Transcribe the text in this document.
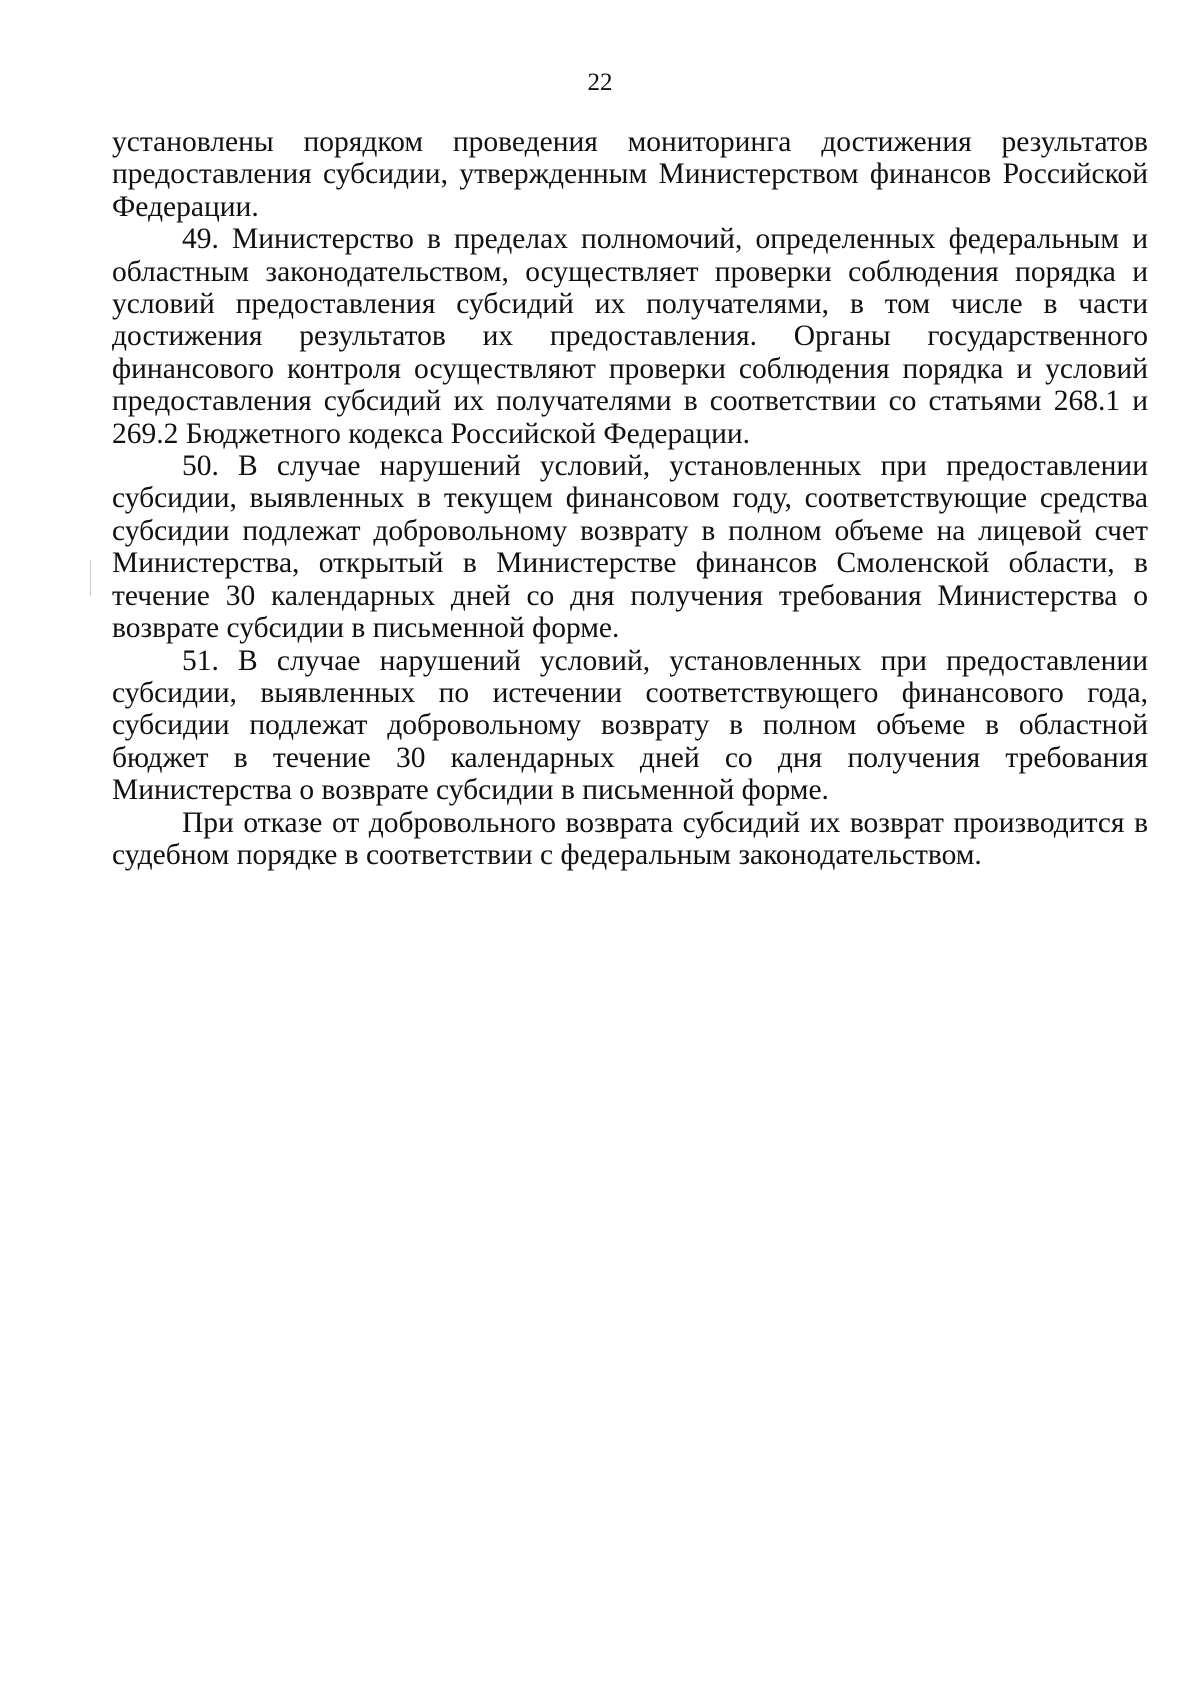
22

установлены порядком проведения мониторинга достижения результатов предоставления субсидии, утвержденным Министерством финансов Российской Федерации.

49. Министерство в пределах полномочий, определенных федеральным и областным законодательством, осуществляет проверки соблюдения порядка и условий предоставления субсидий их получателями, в том числе в части достижения результатов их предоставления. Органы государственного финансового контроля осуществляют проверки соблюдения порядка и условий предоставления субсидий их получателями в соответствии со статьями 268.1 и 269.2 Бюджетного кодекса Российской Федерации.

50. В случае нарушений условий, установленных при предоставлении субсидии, выявленных в текущем финансовом году, соответствующие средства субсидии подлежат добровольному возврату в полном объеме на лицевой счет Министерства, открытый в Министерстве финансов Смоленской области, в течение 30 календарных дней со дня получения требования Министерства о возврате субсидии в письменной форме.

51. В случае нарушений условий, установленных при предоставлении субсидии, выявленных по истечении соответствующего финансового года, субсидии подлежат добровольному возврату в полном объеме в областной бюджет в течение 30 календарных дней со дня получения требования Министерства о возврате субсидии в письменной форме.

При отказе от добровольного возврата субсидий их возврат производится в судебном порядке в соответствии с федеральным законодательством.
